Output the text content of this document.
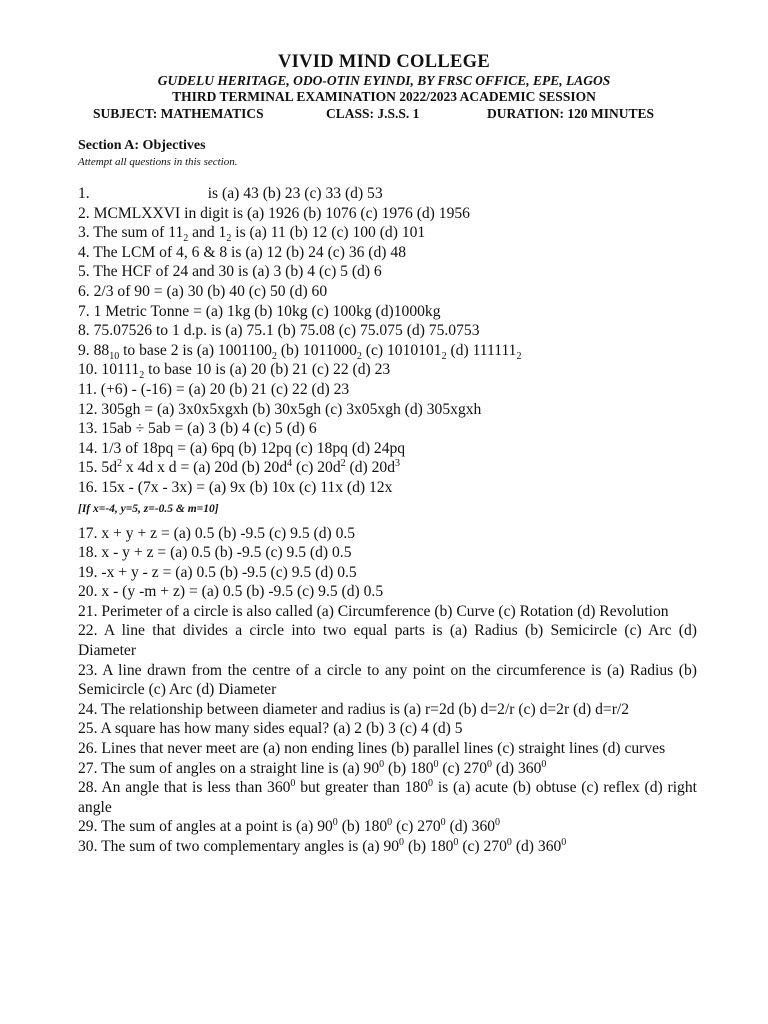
VIVID MIND COLLEGE
GUDELU HERITAGE, ODO-OTIN EYINDI, BY FRSC OFFICE, EPE, LAGOS
THIRD TERMINAL EXAMINATION 2022/2023 ACADEMIC SESSION
SUBJECT: MATHEMATICS	CLASS: J.S.S. 1	DURATION: 120 MINUTES
Section A: Objectives
Attempt all questions in this section.

1.	is (a) 43 (b) 23 (c) 33 (d) 53

2. MCMLXXVI in digit is (a) 1926 (b) 1076 (c) 1976 (d) 1956

3. The sum of $11_2$ and $1_2$ is (a) 11 (b) 12 (c) 100 (d) 101

4. The LCM of 4, 6 & 8 is (a) 12 (b) 24 (c) 36 (d) 48

5. The HCF of 24 and 30 is (a) 3 (b) 4 (c) 5 (d) 6

6. 2/3 of 90 = (a) 30 (b) 40 (c) 50 (d) 60

7. 1 Metric Tonne = (a) 1kg (b) 10kg (c) 100kg (d)1000kg

8. 75.07526 to 1 d.p. is (a) 75.1 (b) 75.08 (c) 75.075 (d) 75.0753

9. $88_{10}$ to base 2 is (a) $1001100_2$ (b) $1011000_2$ (c) $1010101_2$ (d) $111111_2$

10. $10111_2$ to base 10 is (a) 20 (b) 21 (c) 22 (d) 23

11. (+6) - (-16) = (a) 20 (b) 21 (c) 22 (d) 23

12. 305gh = (a) 3x0x5xgxh (b) 30x5gh (c) 3x05xgh (d) 305xgxh

13. 15ab ÷ 5ab = (a) 3 (b) 4 (c) 5 (d) 6

14. 1/3 of 18pq = (a) 6pq (b) 12pq (c) 18pq (d) 24pq

15. $5d^2$ x 4d x d = (a) 20d (b) $20d^4$ (c) $20d^2$ (d) $20d^3$

16. 15x - (7x - 3x) = (a) 9x (b) 10x (c) 11x (d) 12x

[If x=-4, y=5, z=-0.5 & m=10]

17. x + y + z = (a) 0.5 (b) -9.5 (c) 9.5 (d) 0.5

18. x - y + z = (a) 0.5 (b) -9.5 (c) 9.5 (d) 0.5

19. -x + y - z = (a) 0.5 (b) -9.5 (c) 9.5 (d) 0.5

20. x - (y -m + z) = (a) 0.5 (b) -9.5 (c) 9.5 (d) 0.5

21. Perimeter of a circle is also called (a) Circumference (b) Curve (c) Rotation (d) Revolution

22. A line that divides a circle into two equal parts is (a) Radius (b) Semicircle (c) Arc (d) Diameter

23. A line drawn from the centre of a circle to any point on the circumference is (a) Radius (b) Semicircle (c) Arc (d) Diameter

24. The relationship between diameter and radius is (a) r=2d (b) d=2/r (c) d=2r (d) d=r/2

25. A square has how many sides equal? (a) 2 (b) 3 (c) 4 (d) 5

26. Lines that never meet are (a) non ending lines (b) parallel lines (c) straight lines (d) curves

27. The sum of angles on a straight line is (a) $90^0$ (b) $180^0$ (c) $270^0$ (d) $360^0$

28. An angle that is less than $360^0$ but greater than $180^0$ is (a) acute (b) obtuse (c) reflex (d) right angle

29. The sum of angles at a point is (a) $90^0$ (b) $180^0$ (c) $270^0$ (d) $360^0$

30. The sum of two complementary angles is (a) $90^0$ (b) $180^0$ (c) $270^0$ (d) $360^0$
